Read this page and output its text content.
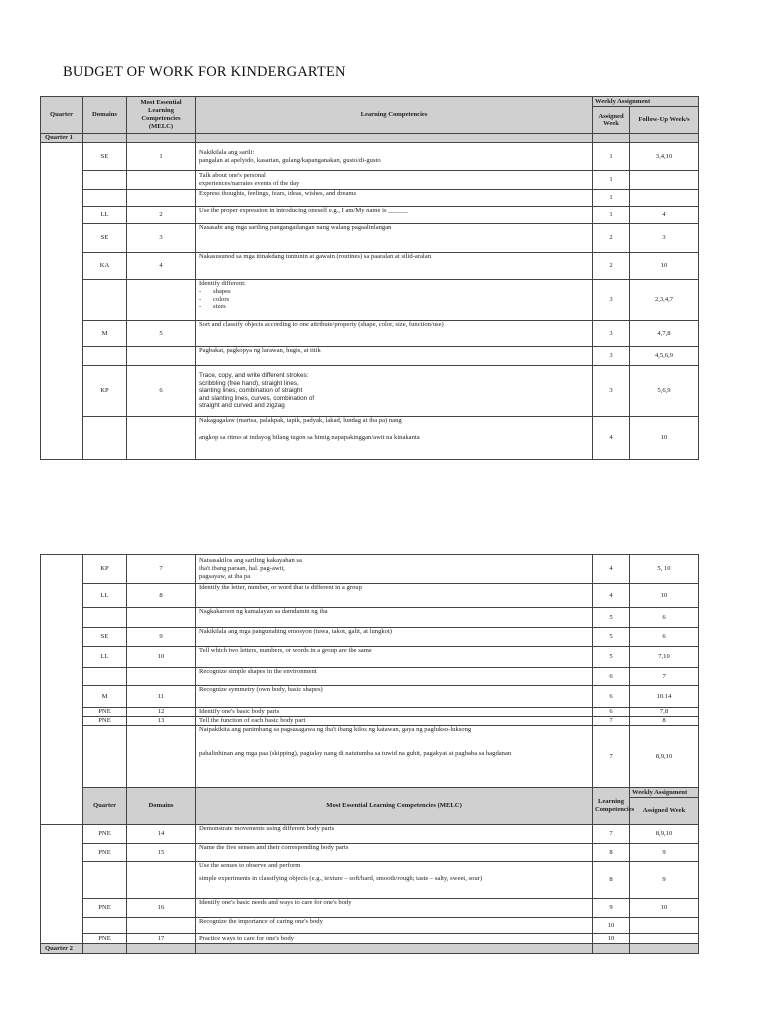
BUDGET OF WORK FOR KINDERGARTEN
Quarter	Domains	Most Essential Learning Competencies (MELC)	Learning Competencies	Weekly Assignment	
				Assigned Week	Follow-Up Week/s
Quarter 1					
	SE	1	Nakikilala ang sarili:
pangalan at apelyido, kasarian, gulang/kapanganakan, gusto/di-gusto	1	3,4,10

			Talk about one's personal
experiences/narrates events of the day	1	
			Express thoughts, feelings, fears, ideas, wishes, and dreams	1	
	LL	2	Use the proper expression in introducing oneself e.g., I am/My name is ______	1	4
	SE	3	Nasasabi ang mga sariling pangangailangan nang walang pagaalinlangan	2	3
	KA	4	Nakasusunod sa mga itinakdang tuntunin at gawain (routines) sa paaralan at silid-aralan	2	10

			Identify different:
- shapes
- colors
- sizes	3	2,3,4,7
	M	5	Sort and classify objects according to one attribute/property (shape, color, size, function/use)	3	4,7,8
			Pagbakat, pagkopya ng larawan, hugis, at titik	3	4,5,6,9
	KP	6	Trace, copy, and write different strokes:
scribbling (free hand), straight lines,
slanting lines, combination of straight
and slanting lines, curves, combination of
straight and curved and zigzag	3	5,6,9

			Nakagagalaw (martsa, palakpak, tapik, padyak, lakad, lundag at iba pa) nang
angkop sa ritmo at indayog bilang tugon sa himig napapakinggan/awit na kinakanta	4	10
	KP	7	Naisasakilos ang sariling kakayahan sa
iba't ibang paraan, hal. pag-awit,
pagsayaw, at iba pa	4	5, 10	
	LL	8	Identify the letter, number, or word that is different in a group	4	10	
			Nagkakaroon ng kamalayan sa damdamin ng iba	5	6	
	SE	9	Nakikilala ang mga pangunahing emosyon (tuwa, takot, galit, at lungkot)	5	6	
	LL	10	Tell which two letters, numbers, or words in a group are the same	5	7,10	
			Recognize simple shapes in the environment	6	7	
	M	11	Recognize symmetry (own body, basic shapes)	6	10.14	
	PNE	12	Identify one's basic body parts	6	7,8	
	PNE	13	Tell the function of each basic body part	7	8	

			Naipakikita ang panimbang sa pagsasagawa ng iba't ibang kilos ng katawan, gaya ng paglukso-luksong
pahalinhinan ang mga paa (skipping), pagtalay nang di natutumba sa tuwid na guhit, pagakyat at pagbaba sa hagdanan	7	8,9,10	
	Quarter	Domains	Most Essential Learning Competencies (MELC)	Learning Competencies	Weekly Assignment	
					Assigned Week	
	PNE	14	Demonstrate movements using different body parts	7	8,9,10	
	PNE	15	Name the five senses and their corresponding body parts	8	9	

			Use the senses to observe and perform
simple experiments in classifying objects (e.g., texture – soft/hard, smooth/rough; taste – salty, sweet, sour)	8	9	
	PNE	16	Identify one's basic needs and ways to care for one's body	9	10	
			Recognize the importance of caring one's body	10		
	PNE	17	Practice ways to care for one's body	10		
Quarter 2						
